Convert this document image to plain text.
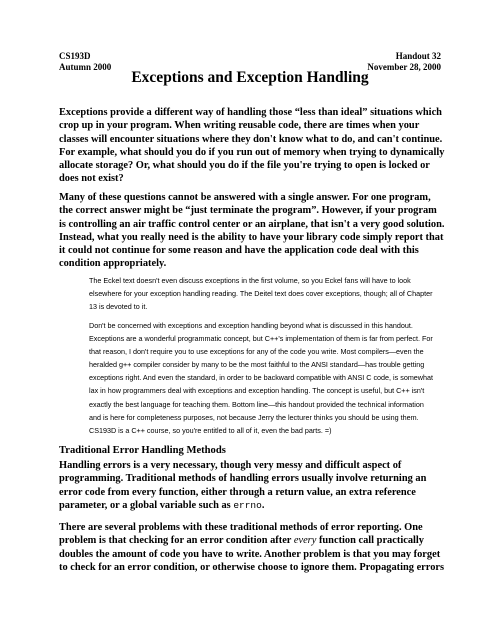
CS193D
Autumn 2000
Handout 32
November 28, 2000
Exceptions and Exception Handling

Exceptions provide a different way of handling those “less than ideal” situations which
crop up in your program. When writing reusable code, there are times when your
classes will encounter situations where they don't know what to do, and can't continue.
For example, what should you do if you run out of memory when trying to dynamically
allocate storage? Or, what should you do if the file you're trying to open is locked or
does not exist?

Many of these questions cannot be answered with a single answer. For one program,
the correct answer might be “just terminate the program”. However, if your program
is controlling an air traffic control center or an airplane, that isn't a very good solution.
Instead, what you really need is the ability to have your library code simply report that
it could not continue for some reason and have the application code deal with this
condition appropriately.

The Eckel text doesn't even discuss exceptions in the first volume, so you Eckel fans will have to look
elsewhere for your exception handling reading. The Deitel text does cover exceptions, though; all of Chapter
13 is devoted to it.

Don't be concerned with exceptions and exception handling beyond what is discussed in this handout.
Exceptions are a wonderful programmatic concept, but C++'s implementation of them is far from perfect. For
that reason, I don't require you to use exceptions for any of the code you write. Most compilers—even the
heralded g++ compiler consider by many to be the most faithful to the ANSI standard—has trouble getting
exceptions right. And even the standard, in order to be backward compatible with ANSI C code, is somewhat
lax in how programmers deal with exceptions and exception handling. The concept is useful, but C++ isn't
exactly the best language for teaching them. Bottom line—this handout provided the technical information
and is here for completeness purposes, not because Jerry the lecturer thinks you should be using them.
CS193D is a C++ course, so you're entitled to all of it, even the bad parts. =)

Traditional Error Handling Methods

Handling errors is a very necessary, though very messy and difficult aspect of
programming. Traditional methods of handling errors usually involve returning an
error code from every function, either through a return value, an extra reference
parameter, or a global variable such as errno.

There are several problems with these traditional methods of error reporting. One
problem is that checking for an error condition after every function call practically
doubles the amount of code you have to write. Another problem is that you may forget
to check for an error condition, or otherwise choose to ignore them. Propagating errors
